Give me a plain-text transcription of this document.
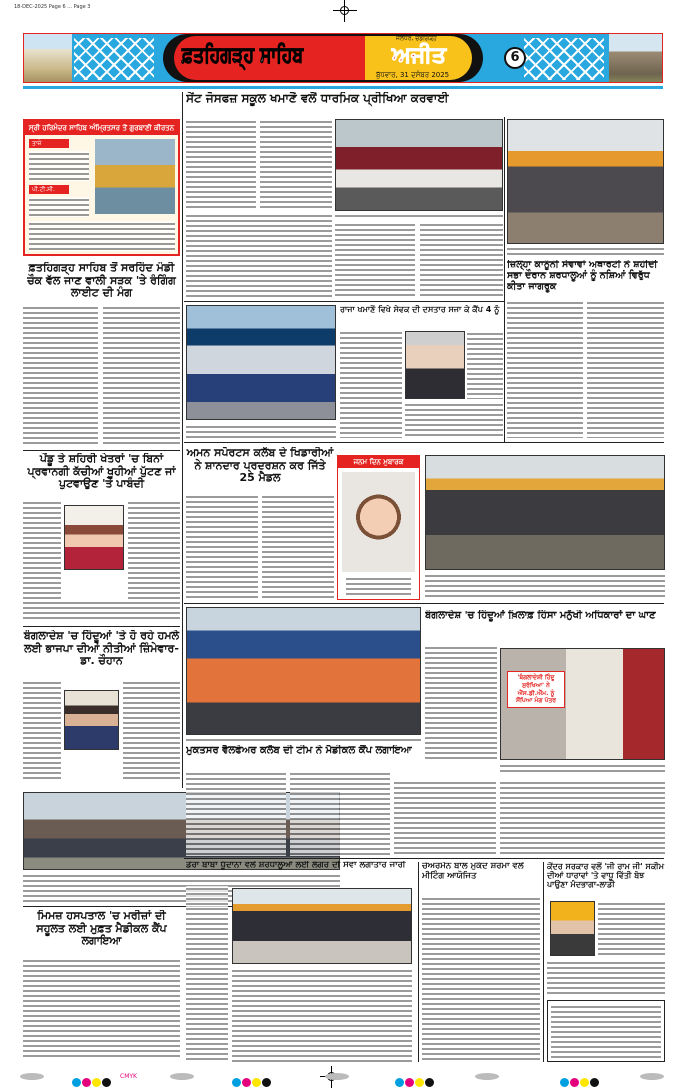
18-DEC-2025 Page 6 ... Page 3
ਫ਼ਤਹਿਗੜ੍ਹ ਸਾਹਿਬ
ਜਲੰਧਰ, ਚੰਡੀਗੜ੍ਹ
ਅਜੀਤ
ਬੁੱਧਵਾਰ, 31 ਦਸੰਬਰ 2025
6
ਸ੍ਰੀ ਹਰਿਮੰਦਰ ਸਾਹਿਬ ਅੰਮ੍ਰਿਤਸਰ ਤੋਂ ਗੁਰਬਾਣੀ ਕੀਰਤਨ
ਤਾਜ਼ੇ
ਪੀ.ਟੀ.ਸੀ.
ਫ਼ਤਹਿਗੜ੍ਹ ਸਾਹਿਬ ਤੋਂ ਸਰਹਿੰਦ ਮੰਡੀ ਚੌਕ ਵੱਲ ਜਾਣ ਵਾਲੀ ਸੜਕ 'ਤੇ ਰੰਗਿੰਗ ਲਾਈਟ ਦੀ ਮੰਗ
ਪੇਂਡੂ ਤੇ ਸ਼ਹਿਰੀ ਖੇਤਰਾਂ 'ਚ ਬਿਨਾਂ ਪ੍ਰਵਾਨਗੀ ਕੱਚੀਆਂ ਖੂਹੀਆਂ ਪੁੱਟਣ ਜਾਂ ਪੁਟਵਾਉਣ 'ਤੇ ਪਾਬੰਦੀ
ਬੰਗਲਾਦੇਸ਼ 'ਚ ਹਿੰਦੂਆਂ 'ਤੇ ਹੋ ਰਹੇ ਹਮਲੇ ਲਈ ਭਾਜਪਾ ਦੀਆਂ ਨੀਤੀਆਂ ਜ਼ਿੰਮੇਵਾਰ-ਡਾ. ਚੌਹਾਨ
ਮਿਮਜ਼ ਹਸਪਤਾਲ 'ਚ ਮਰੀਜ਼ਾਂ ਦੀ ਸਹੂਲਤ ਲਈ ਮੁਫ਼ਤ ਮੈਡੀਕਲ ਕੈਂਪ ਲਗਾਇਆ
ਸੇਂਟ ਜੋਸਫਜ਼ ਸਕੂਲ ਖਮਾਣੋਂ ਵਲੋਂ ਧਾਰਮਿਕ ਪ੍ਰੀਖਿਆ ਕਰਵਾਈ
ਰਾਜਾ ਖਮਾਣੋਂ ਵਿਖੇ ਸੇਵਕ ਦੀ ਦਸਤਾਰ ਸਜਾ ਕੇ ਕੈਂਪ 4 ਨੂੰ
ਜ਼ਿਲ੍ਹਾ ਕਾਨੂੰਨੀ ਸੇਵਾਵਾਂ ਅਥਾਰਟੀ ਨੇ ਸ਼ਹੀਦੀ ਸਭਾ ਦੌਰਾਨ ਸ਼ਰਧਾਲੂਆਂ ਨੂੰ ਨਸ਼ਿਆਂ ਵਿਰੁੱਧ ਕੀਤਾ ਜਾਗਰੂਕ
ਅਮਨ ਸਪੋਰਟਸ ਕਲੱਬ ਦੇ ਖਿਡਾਰੀਆਂ ਨੇ ਸ਼ਾਨਦਾਰ ਪ੍ਰਦਰਸ਼ਨ ਕਰ ਜਿੱਤੇ 25 ਮੈਡਲ
ਜਨਮ ਦਿਨ ਮੁਬਾਰਕ
ਬੰਗਲਾਦੇਸ਼ 'ਚ ਹਿੰਦੂਆਂ ਖ਼ਿਲਾਫ਼ ਹਿੰਸਾ ਮਨੁੱਖੀ ਅਧਿਕਾਰਾਂ ਦਾ ਘਾਣ
'ਬੰਗਲਾਦੇਸ਼ੀ ਹਿੰਦੂ ਸੁਰੱਖਿਆ' ਨੇ ਐੱਸ.ਡੀ.ਐੱਮ. ਨੂੰ ਸੌਂਪਿਆ ਮੰਗ ਪੱਤਰ
ਮੁਕਤਸਰ ਵੈਲਫੇਅਰ ਕਲੱਬ ਦੀ ਟੀਮ ਨੇ ਮੈਡੀਕਲ ਕੈਂਪ ਲਗਾਇਆ
ਡੇਰਾ ਬਾਬਾ ਧੂੰਦਾਨਾ ਵਲੋਂ ਸ਼ਰਧਾਲੂਆਂ ਲਈ ਲੰਗਰ ਦੀ ਸੇਵਾ ਲਗਾਤਾਰ ਜਾਰੀ	ਚੇਅਰਮੈਨ ਬਾਲ ਮੁਕੰਦ ਸ਼ਰਮਾ ਵਲੋਂ ਮੀਟਿੰਗ ਆਯੋਜਿਤ
ਕੇਂਦਰ ਸਰਕਾਰ ਵਲੋਂ 'ਜੀ ਰਾਮ ਜੀ' ਸਕੀਮ ਦੀਆਂ ਧਾਰਾਵਾਂ 'ਤੇ ਵਾਧੂ ਵਿੱਤੀ ਬੋਝ ਪਾਉਣਾ ਮੰਦਭਾਗਾ-ਲਾਡੀ
CMYK
